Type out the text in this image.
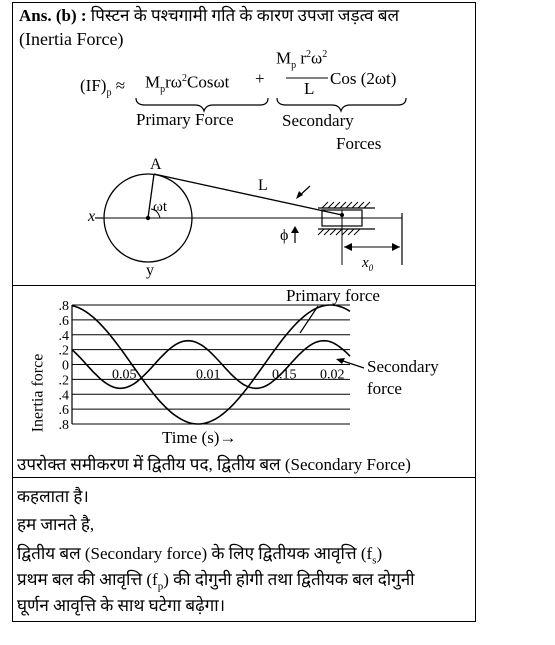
Ans. (b) : पिस्टन के पश्चगामी गति के कारण उपजा जड़त्व बल
(Inertia Force)
$(IF)_p \approx M_pr\omega^2Cos\omega t$ +
$M_p$ $r^2\omega^2$
L
Cos (2ωt)
Primary Force	Secondary
Forces
A
ωt
L
x
y
ϕ
$x_0$
Primary force
Secondary
force
Time (s)→
Inertia force
.8
.6
.4
.2
0
.2
.4
.6
.8
0.05	0.01	0.15 0.02
उपरोक्त समीकरण में द्वितीय पद, द्वितीय बल (Secondary Force)
कहलाता है।
हम जानते है,
द्वितीय बल (Secondary force) के लिए द्वितीयक आवृत्ति $(f_s)$
प्रथम बल की आवृत्ति $(f_p)$ की दोगुनी होगी तथा द्वितीयक बल दोगुनी
घूर्णन आवृत्ति के साथ घटेगा बढ़ेगा।
